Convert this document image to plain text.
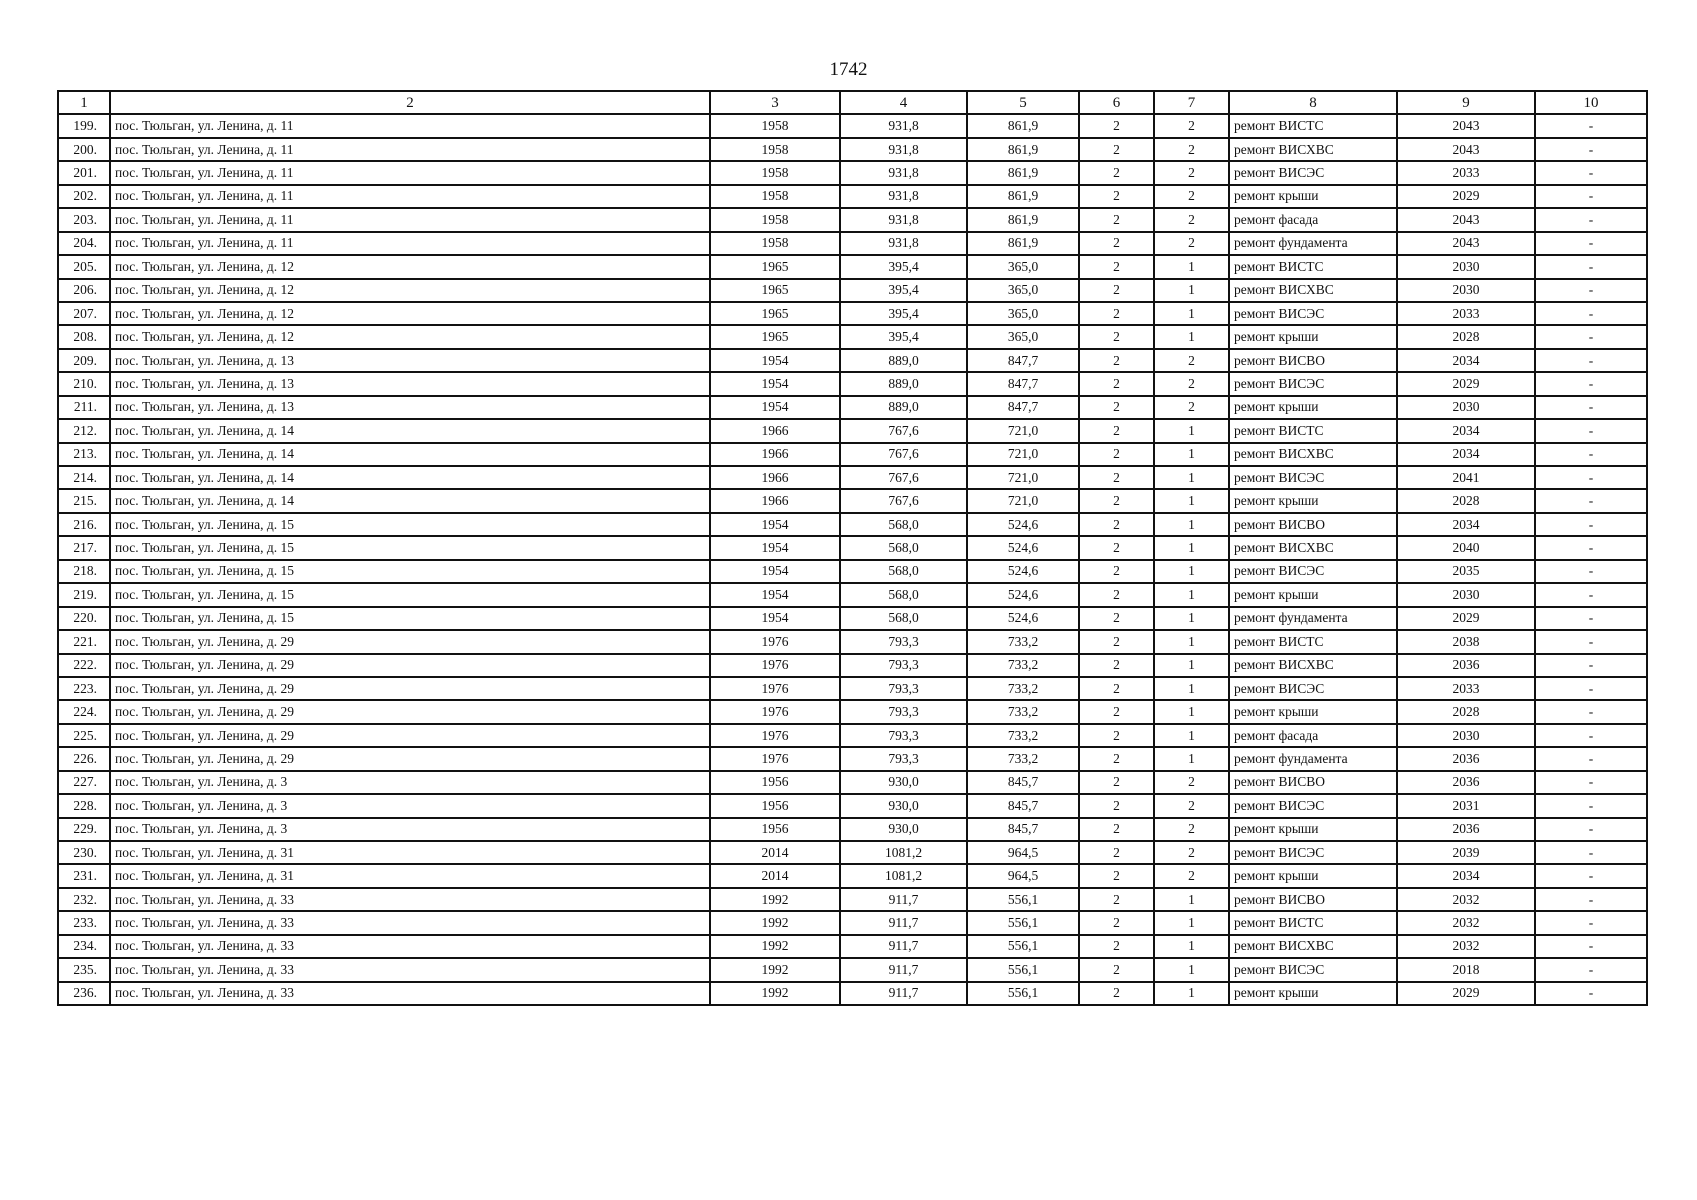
1742
1	2	3	4	5	6	7	8	9	10
199.	пос. Тюльган, ул. Ленина, д. 11	1958	931,8	861,9	2	2	ремонт ВИСТС	2043	-
200.	пос. Тюльган, ул. Ленина, д. 11	1958	931,8	861,9	2	2	ремонт ВИСХВС	2043	-
201.	пос. Тюльган, ул. Ленина, д. 11	1958	931,8	861,9	2	2	ремонт ВИСЭС	2033	-
202.	пос. Тюльган, ул. Ленина, д. 11	1958	931,8	861,9	2	2	ремонт крыши	2029	-
203.	пос. Тюльган, ул. Ленина, д. 11	1958	931,8	861,9	2	2	ремонт фасада	2043	-
204.	пос. Тюльган, ул. Ленина, д. 11	1958	931,8	861,9	2	2	ремонт фундамента	2043	-
205.	пос. Тюльган, ул. Ленина, д. 12	1965	395,4	365,0	2	1	ремонт ВИСТС	2030	-
206.	пос. Тюльган, ул. Ленина, д. 12	1965	395,4	365,0	2	1	ремонт ВИСХВС	2030	-
207.	пос. Тюльган, ул. Ленина, д. 12	1965	395,4	365,0	2	1	ремонт ВИСЭС	2033	-
208.	пос. Тюльган, ул. Ленина, д. 12	1965	395,4	365,0	2	1	ремонт крыши	2028	-
209.	пос. Тюльган, ул. Ленина, д. 13	1954	889,0	847,7	2	2	ремонт ВИСВО	2034	-
210.	пос. Тюльган, ул. Ленина, д. 13	1954	889,0	847,7	2	2	ремонт ВИСЭС	2029	-
211.	пос. Тюльган, ул. Ленина, д. 13	1954	889,0	847,7	2	2	ремонт крыши	2030	-
212.	пос. Тюльган, ул. Ленина, д. 14	1966	767,6	721,0	2	1	ремонт ВИСТС	2034	-
213.	пос. Тюльган, ул. Ленина, д. 14	1966	767,6	721,0	2	1	ремонт ВИСХВС	2034	-
214.	пос. Тюльган, ул. Ленина, д. 14	1966	767,6	721,0	2	1	ремонт ВИСЭС	2041	-
215.	пос. Тюльган, ул. Ленина, д. 14	1966	767,6	721,0	2	1	ремонт крыши	2028	-
216.	пос. Тюльган, ул. Ленина, д. 15	1954	568,0	524,6	2	1	ремонт ВИСВО	2034	-
217.	пос. Тюльган, ул. Ленина, д. 15	1954	568,0	524,6	2	1	ремонт ВИСХВС	2040	-
218.	пос. Тюльган, ул. Ленина, д. 15	1954	568,0	524,6	2	1	ремонт ВИСЭС	2035	-
219.	пос. Тюльган, ул. Ленина, д. 15	1954	568,0	524,6	2	1	ремонт крыши	2030	-
220.	пос. Тюльган, ул. Ленина, д. 15	1954	568,0	524,6	2	1	ремонт фундамента	2029	-
221.	пос. Тюльган, ул. Ленина, д. 29	1976	793,3	733,2	2	1	ремонт ВИСТС	2038	-
222.	пос. Тюльган, ул. Ленина, д. 29	1976	793,3	733,2	2	1	ремонт ВИСХВС	2036	-
223.	пос. Тюльган, ул. Ленина, д. 29	1976	793,3	733,2	2	1	ремонт ВИСЭС	2033	-
224.	пос. Тюльган, ул. Ленина, д. 29	1976	793,3	733,2	2	1	ремонт крыши	2028	-
225.	пос. Тюльган, ул. Ленина, д. 29	1976	793,3	733,2	2	1	ремонт фасада	2030	-
226.	пос. Тюльган, ул. Ленина, д. 29	1976	793,3	733,2	2	1	ремонт фундамента	2036	-
227.	пос. Тюльган, ул. Ленина, д. 3	1956	930,0	845,7	2	2	ремонт ВИСВО	2036	-
228.	пос. Тюльган, ул. Ленина, д. 3	1956	930,0	845,7	2	2	ремонт ВИСЭС	2031	-
229.	пос. Тюльган, ул. Ленина, д. 3	1956	930,0	845,7	2	2	ремонт крыши	2036	-
230.	пос. Тюльган, ул. Ленина, д. 31	2014	1081,2	964,5	2	2	ремонт ВИСЭС	2039	-
231.	пос. Тюльган, ул. Ленина, д. 31	2014	1081,2	964,5	2	2	ремонт крыши	2034	-
232.	пос. Тюльган, ул. Ленина, д. 33	1992	911,7	556,1	2	1	ремонт ВИСВО	2032	-
233.	пос. Тюльган, ул. Ленина, д. 33	1992	911,7	556,1	2	1	ремонт ВИСТС	2032	-
234.	пос. Тюльган, ул. Ленина, д. 33	1992	911,7	556,1	2	1	ремонт ВИСХВС	2032	-
235.	пос. Тюльган, ул. Ленина, д. 33	1992	911,7	556,1	2	1	ремонт ВИСЭС	2018	-
236.	пос. Тюльган, ул. Ленина, д. 33	1992	911,7	556,1	2	1	ремонт крыши	2029	-
